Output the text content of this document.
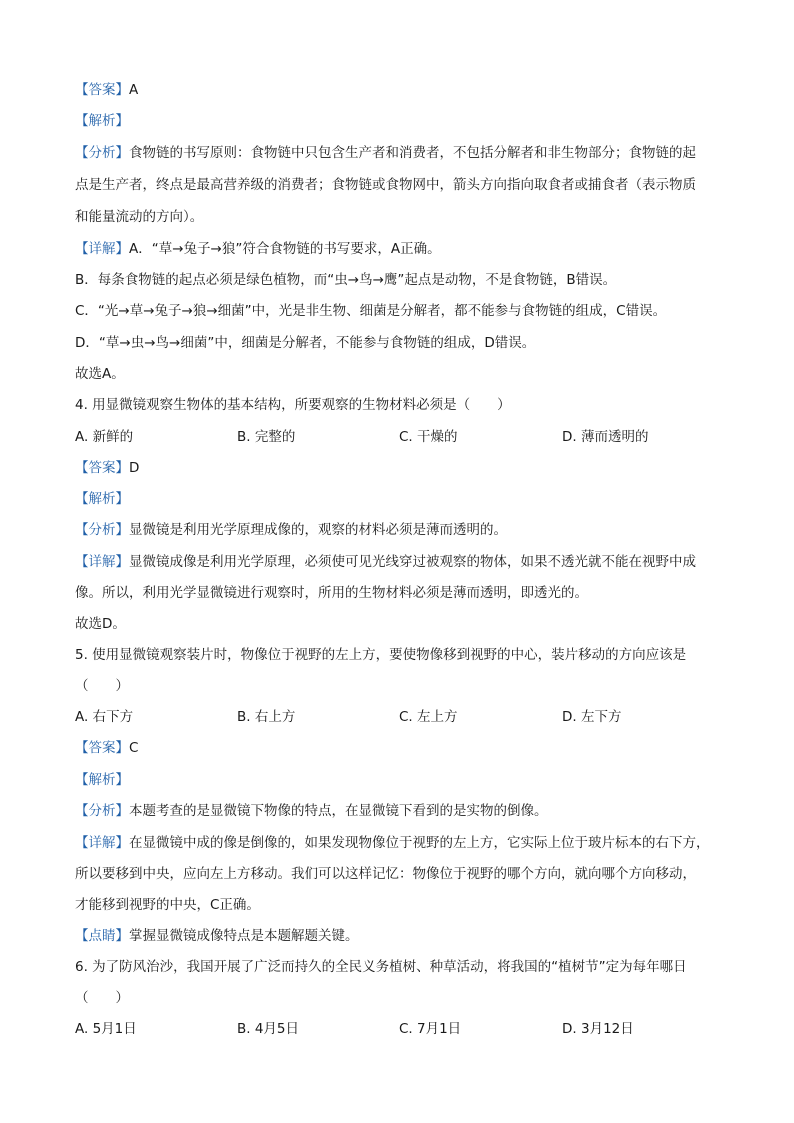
【答案】A
【解析】
【分析】食物链的书写原则：食物链中只包含生产者和消费者，不包括分解者和非生物部分；食物链的起
点是生产者，终点是最高营养级的消费者；食物链或食物网中，箭头方向指向取食者或捕食者（表示物质
和能量流动的方向）。
【详解】A．“草→兔子→狼”符合食物链的书写要求，A正确。
B．每条食物链的起点必须是绿色植物，而“虫→鸟→鹰”起点是动物，不是食物链，B错误。
C．“光→草→兔子→狼→细菌”中，光是非生物、细菌是分解者，都不能参与食物链的组成，C错误。
D．“草→虫→鸟→细菌”中，细菌是分解者，不能参与食物链的组成，D错误。
故选A。
4. 用显微镜观察生物体的基本结构，所要观察的生物材料必须是（　　）
A. 新鲜的	B. 完整的	C. 干燥的	D. 薄而透明的
【答案】D
【解析】
【分析】显微镜是利用光学原理成像的，观察的材料必须是薄而透明的。
【详解】显微镜成像是利用光学原理，必须使可见光线穿过被观察的物体，如果不透光就不能在视野中成
像。所以，利用光学显微镜进行观察时，所用的生物材料必须是薄而透明，即透光的。
故选D。
5. 使用显微镜观察装片时，物像位于视野的左上方，要使物像移到视野的中心，装片移动的方向应该是
（　　）
A. 右下方	B. 右上方	C. 左上方	D. 左下方
【答案】C
【解析】
【分析】本题考查的是显微镜下物像的特点，在显微镜下看到的是实物的倒像。
【详解】在显微镜中成的像是倒像的，如果发现物像位于视野的左上方，它实际上位于玻片标本的右下方，
所以要移到中央，应向左上方移动。我们可以这样记忆：物像位于视野的哪个方向，就向哪个方向移动，
才能移到视野的中央，C正确。
【点睛】掌握显微镜成像特点是本题解题关键。
6. 为了防风治沙，我国开展了广泛而持久的全民义务植树、种草活动，将我国的“植树节”定为每年哪日
（　　）
A. 5月1日	B. 4月5日	C. 7月1日	D. 3月12日
